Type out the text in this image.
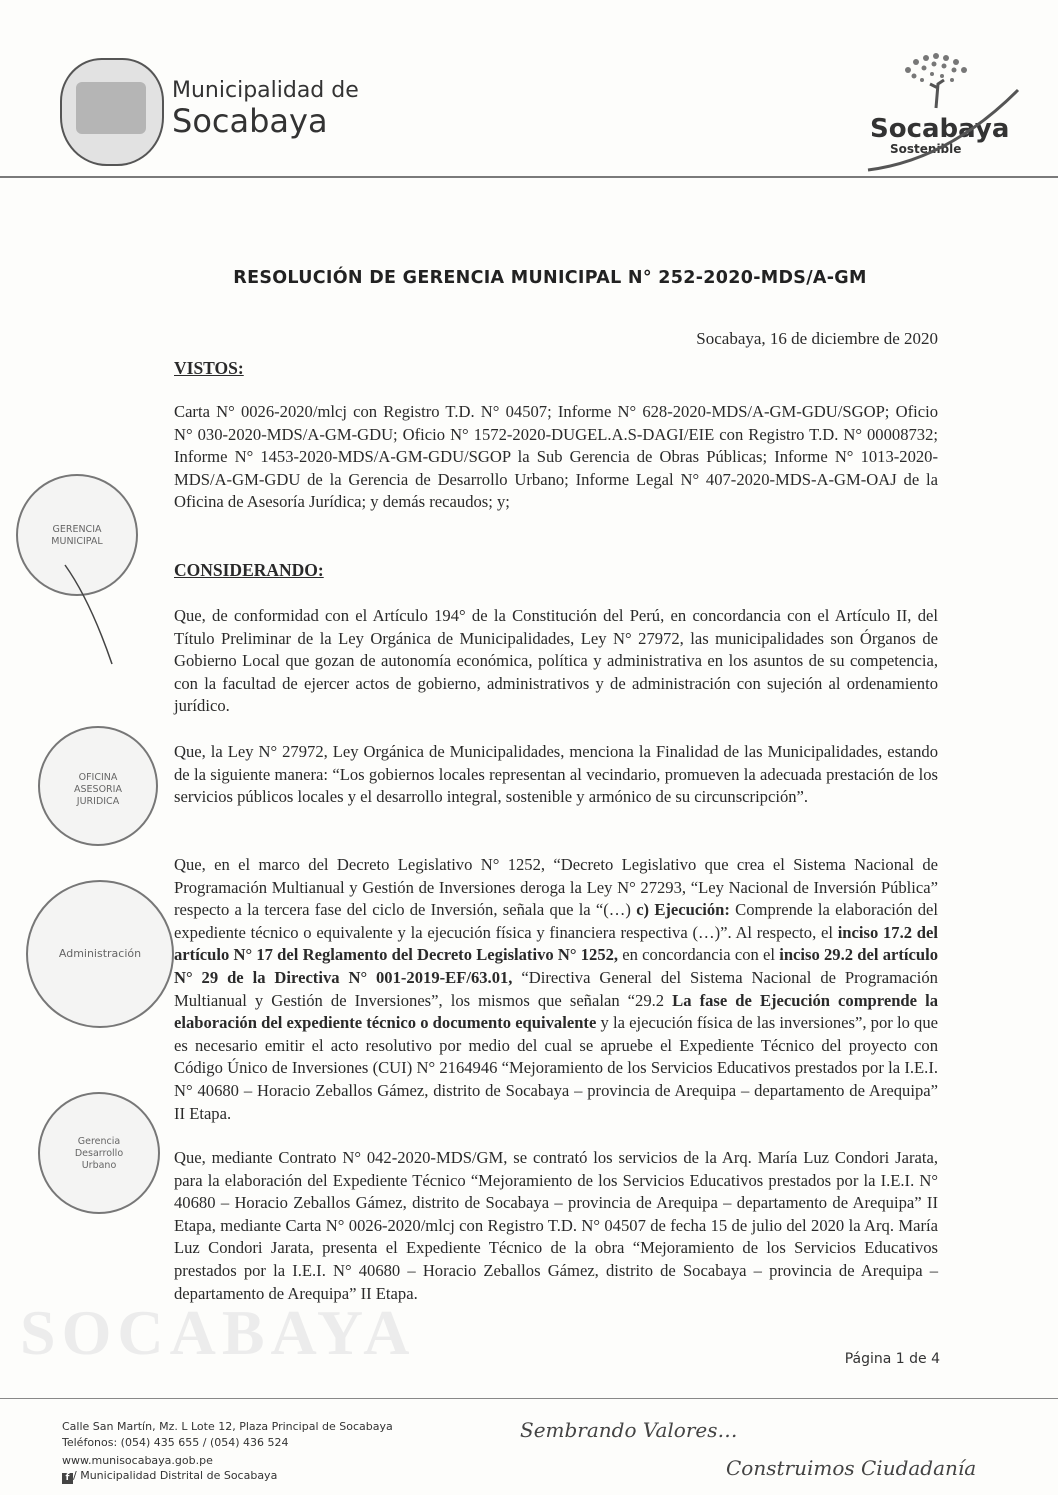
Municipalidad de
Socabaya	Socabaya
Sostenible
SOCABAYA
GERENCIA
MUNICIPAL
OFICINA
ASESORIA
JURIDICA
Administración
Gerencia
Desarrollo
Urbano
RESOLUCIÓN DE GERENCIA MUNICIPAL N° 252-2020-MDS/A-GM
Socabaya, 16 de diciembre de 2020
VISTOS:
Carta N° 0026-2020/mlcj con Registro T.D. N° 04507; Informe N° 628-2020-MDS/A-GM-GDU/SGOP; Oficio N° 030-2020-MDS/A-GM-GDU; Oficio N° 1572-2020-DUGEL.A.S-DAGI/EIE con Registro T.D. N° 00008732; Informe N° 1453-2020-MDS/A-GM-GDU/SGOP la Sub Gerencia de Obras Públicas; Informe N° 1013-2020-MDS/A-GM-GDU de la Gerencia de Desarrollo Urbano; Informe Legal N° 407-2020-MDS-A-GM-OAJ de la Oficina de Asesoría Jurídica; y demás recaudos; y;
CONSIDERANDO:
Que, de conformidad con el Artículo 194° de la Constitución del Perú, en concordancia con el Artículo II, del Título Preliminar de la Ley Orgánica de Municipalidades, Ley N° 27972, las municipalidades son Órganos de Gobierno Local que gozan de autonomía económica, política y administrativa en los asuntos de su competencia, con la facultad de ejercer actos de gobierno, administrativos y de administración con sujeción al ordenamiento jurídico.
Que, la Ley N° 27972, Ley Orgánica de Municipalidades, menciona la Finalidad de las Municipalidades, estando de la siguiente manera: “Los gobiernos locales representan al vecindario, promueven la adecuada prestación de los servicios públicos locales y el desarrollo integral, sostenible y armónico de su circunscripción”.
Que, en el marco del Decreto Legislativo N° 1252, “Decreto Legislativo que crea el Sistema Nacional de Programación Multianual y Gestión de Inversiones deroga la Ley N° 27293, “Ley Nacional de Inversión Pública” respecto a la tercera fase del ciclo de Inversión, señala que la “(…) c) Ejecución: Comprende la elaboración del expediente técnico o equivalente y la ejecución física y financiera respectiva (…)”. Al respecto, el inciso 17.2 del artículo N° 17 del Reglamento del Decreto Legislativo N° 1252, en concordancia con el inciso 29.2 del artículo N° 29 de la Directiva N° 001-2019-EF/63.01, “Directiva General del Sistema Nacional de Programación Multianual y Gestión de Inversiones”, los mismos que señalan “29.2 La fase de Ejecución comprende la elaboración del expediente técnico o documento equivalente y la ejecución física de las inversiones”, por lo que es necesario emitir el acto resolutivo por medio del cual se apruebe el Expediente Técnico del proyecto con Código Único de Inversiones (CUI) N° 2164946 “Mejoramiento de los Servicios Educativos prestados por la I.E.I. N° 40680 – Horacio Zeballos Gámez, distrito de Socabaya – provincia de Arequipa – departamento de Arequipa” II Etapa.
Que, mediante Contrato N° 042-2020-MDS/GM, se contrató los servicios de la Arq. María Luz Condori Jarata, para la elaboración del Expediente Técnico “Mejoramiento de los Servicios Educativos prestados por la I.E.I. N° 40680 – Horacio Zeballos Gámez, distrito de Socabaya – provincia de Arequipa – departamento de Arequipa” II Etapa, mediante Carta N° 0026-2020/mlcj con Registro T.D. N° 04507 de fecha 15 de julio del 2020 la Arq. María Luz Condori Jarata, presenta el Expediente Técnico de la obra “Mejoramiento de los Servicios Educativos prestados por la I.E.I. N° 40680 – Horacio Zeballos Gámez, distrito de Socabaya – provincia de Arequipa – departamento de Arequipa” II Etapa.
Página 1 de 4
Calle San Martín, Mz. L Lote 12, Plaza Principal de Socabaya
Teléfonos: (054) 435 655 / (054) 436 524
www.munisocabaya.gob.pe
f / Municipalidad Distrital de Socabaya
Sembrando Valores…
Construimos Ciudadanía
